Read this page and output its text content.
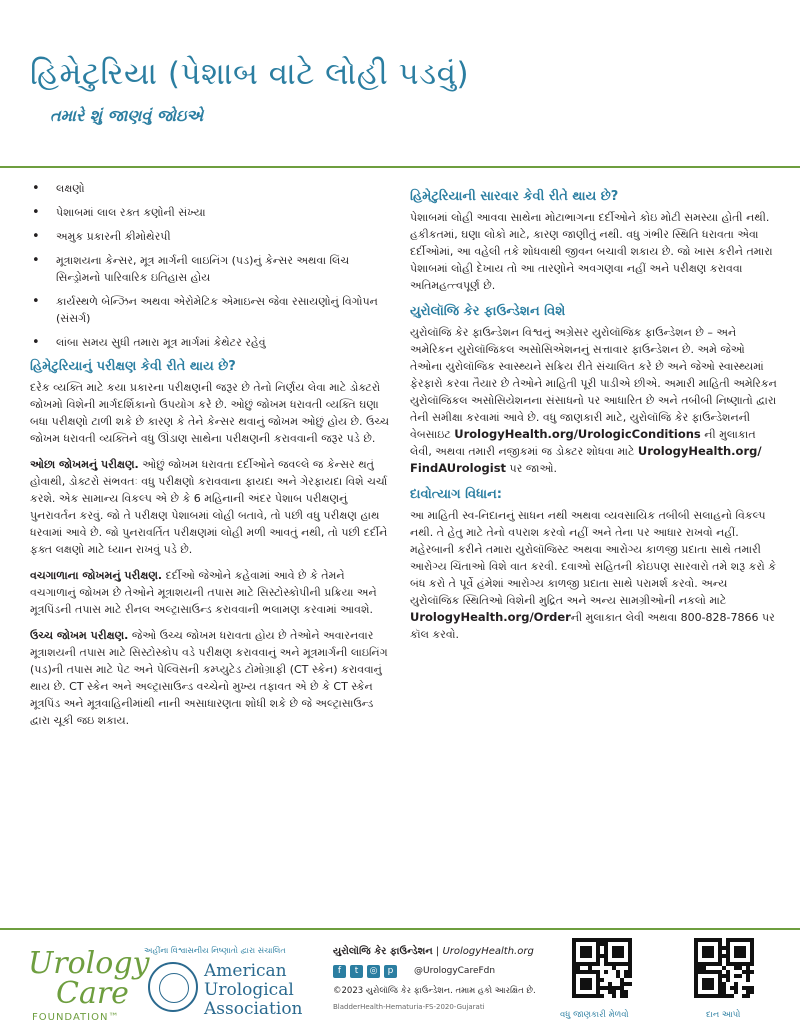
હિમેટુરિયા (પેશાબ વાટે લોહી પડવું)
તમારે શું જાણવું જોઇએ
• લક્ષણો
• પેશાબમાં લાલ રક્ત કણોની સંખ્યા
• અમુક પ્રકારની કીમોથેરપી
• મૂત્રાશયના કેન્સર, મૂત્ર માર્ગની લાઇનિંગ (પડ)નું કેન્સર અથવા લિંચ સિન્ડ્રોમનો પારિવારિક ઇતિહાસ હોય
• કાર્યસ્થળે બેન્ઝિન અથવા એરોમેટિક એમાઇન્સ જેવા રસાયણોનું વિગોપન (સંસર્ગ)
• લાંબા સમય સુધી તમારા મૂત્ર માર્ગમાં કેથેટર રહેવું
હિમેટુરિયાનું પરીક્ષણ કેવી રીતે થાય છે?

દરેક વ્યક્તિ માટે કયા પ્રકારના પરીક્ષણની જરૂર છે તેનો નિર્ણય લેવા માટે ડોક્ટરો જોખમો વિશેની માર્ગદર્શિકાનો ઉપયોગ કરે છે. ઓછું જોખમ ધરાવતી વ્યક્તિ ઘણા બધા પરીક્ષણો ટાળી શકે છે કારણ કે તેને કેન્સર થવાનું જોખમ ઓછું હોય છે. ઉચ્ચ જોખમ ધરાવતી વ્યક્તિને વધુ ઊંડાણ સાથેના પરીક્ષણની કરાવવાની જરૂર પડે છે.

ઓછા જોખમનું પરીક્ષણ. ઓછું જોખમ ધરાવતા દર્દીઓને જવલ્લે જ કેન્સર થતું હોવાથી, ડોક્ટરો સંભવતઃ વધુ પરીક્ષણો કરાવવાના ફાયદા અને ગેરફાયદા વિશે ચર્ચા કરશે. એક સામાન્ય વિકલ્પ એ છે કે 6 મહિનાની અંદર પેશાબ પરીક્ષણનું પુનરાવર્તન કરવું. જો તે પરીક્ષણ પેશાબમાં લોહી બતાવે, તો પછી વધુ પરીક્ષણ હાથ ધરવામાં આવે છે. જો પુનરાવર્તિત પરીક્ષણમાં લોહી મળી આવતું નથી, તો પછી દર્દીને ફક્ત લક્ષણો માટે ધ્યાન રાખવું પડે છે.

વચગાળાના જોખમનું પરીક્ષણ. દર્દીઓ જેઓને કહેવામાં આવે છે કે તેમને વચગાળાનું જોખમ છે તેઓને મૂત્રાશયની તપાસ માટે સિસ્ટોસ્કોપીની પ્રક્રિયા અને મૂત્રપિંડની તપાસ માટે રીનલ અલ્ટ્રાસાઉન્ડ કરાવવાની ભલામણ કરવામાં આવશે.

ઉચ્ચ જોખમ પરીક્ષણ. જેઓ ઉચ્ચ જોખમ ધરાવતા હોય છે તેઓને અવારનવાર મૂત્રાશયની તપાસ માટે સિસ્ટોસ્કોપ વડે પરીક્ષણ કરાવવાનું અને મૂત્રમાર્ગની લાઇનિંગ (પડ)ની તપાસ માટે પેટ અને પેલ્વિસની કમ્પ્યુટેડ ટોમોગ્રાફી (CT સ્કેન) કરાવવાનું થાય છે. CT સ્કેન અને અલ્ટ્રાસાઉન્ડ વચ્ચેનો મુખ્ય તફાવત એ છે કે CT સ્કેન મૂત્રપિંડ અને મૂત્રવાહિનીમાંથી નાની અસાધારણતા શોધી શકે છે જે અલ્ટ્રાસાઉન્ડ દ્વારા ચૂકી જઇ શકાય.

હિમેટુરિયાની સારવાર કેવી રીતે થાય છે?

પેશાબમાં લોહી આવવા સાથેના મોટાભાગના દર્દીઓને કોઇ મોટી સમસ્યા હોતી નથી. હકીકતમાં, ઘણા લોકો માટે, કારણ જાણીતું નથી. વધુ ગંભીર સ્થિતિ ધરાવતા એવા દર્દીઓમાં, આ વહેલી તકે શોધવાથી જીવન બચાવી શકાય છે. જો ખાસ કરીને તમારા પેશાબમાં લોહી દેખાય તો આ તારણોને અવગણવા નહીં અને પરીક્ષણ કરાવવા અતિમહત્ત્વપૂર્ણ છે.

યુરોલૉજિ કેર ફાઉન્ડેશન વિશે

યુરોલૉજિ કેર ફાઉન્ડેશન વિશ્વનું અગ્રેસર યુરોલૉજિક ફાઉન્ડેશન છે – અને અમેરિકન યુરોલૉજિકલ અસોસિએશનનું સત્તાવાર ફાઉન્ડેશન છે. અમે જેઓ તેઓના યુરોલૉજિક સ્વાસ્થ્યને સક્રિય રીતે સંચાલિત કરે છે અને જેઓ સ્વાસ્થ્યમાં ફેરફારો કરવા તૈયાર છે તેઓને માહિતી પૂરી પાડીએ છીએ. અમારી માહિતી અમેરિકન યુરોલૉજિકલ અસોસિયેશનના સંસાધનો પર આધારિત છે અને તબીબી નિષ્ણાતો દ્વારા તેની સમીક્ષા કરવામાં આવે છે. વધુ જાણકારી માટે, યુરોલૉજિ કેર ફાઉન્ડેશનની વેબસાઇટ UrologyHealth.org/UrologicConditions ની મુલાકાત લેવી, અથવા તમારી નજીકમાં જ ડોક્ટર શોધવા માટે UrologyHealth.org/ FindAUrologist પર જાઓ.

દાવોત્યાગ વિધાન:

આ માહિતી સ્વ-નિદાનનું સાધન નથી અથવા વ્યવસાયિક તબીબી સલાહનો વિકલ્પ નથી. તે હેતુ માટે તેનો વપરાશ કરવો નહીં અને તેના પર આધાર રાખવો નહીં. મહેરબાની કરીને તમારા યુરોલૉજિસ્ટ અથવા આરોગ્ય કાળજી પ્રદાતા સાથે તમારી આરોગ્ય ચિંતાઓ વિશે વાત કરવી. દવાઓ સહિતની કોઇપણ સારવારો તમે શરૂ કરો કે બંધ કરો તે પૂર્વે હંમેશાં આરોગ્ય કાળજી પ્રદાતા સાથે પરામર્શ કરવો. અન્ય યુરોલૉજિક સ્થિતિઓ વિશેની મુદ્રિત અને અન્ય સામગ્રીઓની નકલો માટે UrologyHealth.org/Orderની મુલાકાત લેવી અથવા 800-828-7866 પર કૉલ કરવો.

Urology
Care
FOUNDATION™
અહીંના વિશ્વાસનીય નિષ્ણાતો દ્વારા સંચાલિત
American
Urological
Association
યુરોલૉજિ કેર ફાઉન્ડેશન | UrologyHealth.org
f	t	◎	p	@UrologyCareFdn
©2023 યુરોલૉજિ કેર ફાઉન્ડેશન. તમામ હકો આરક્ષિત છે.
BladderHealth-Hematuria-FS-2020-Gujarati
વધુ જાણકારી મેળવો	દાન આપો
